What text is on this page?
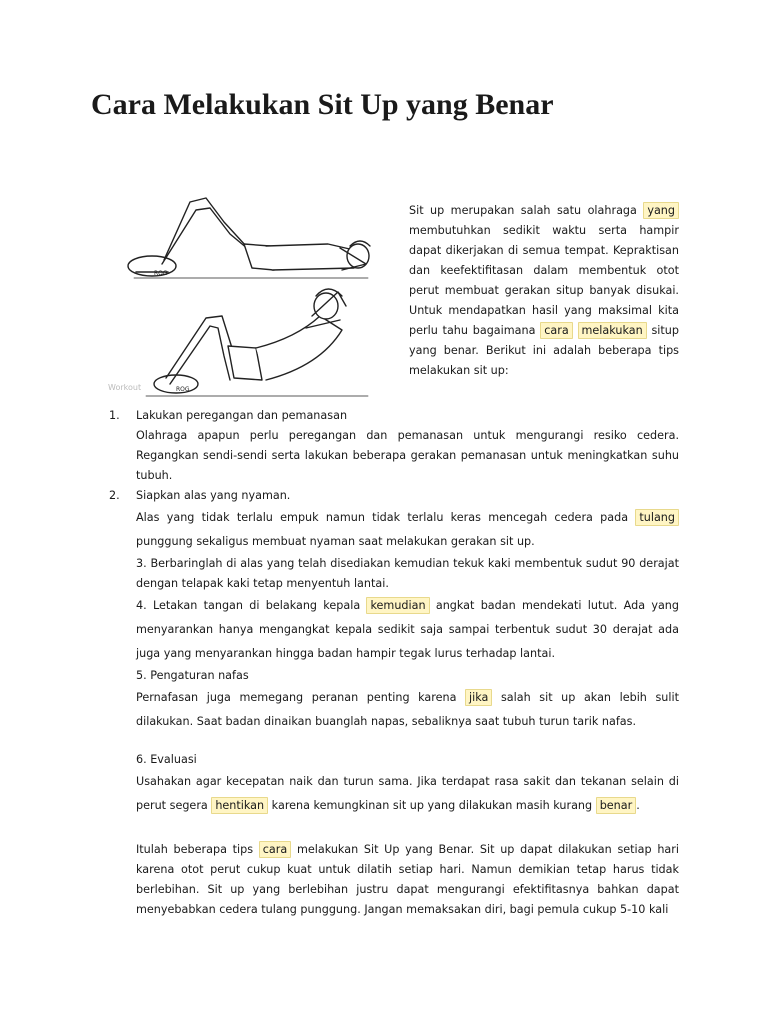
Cara Melakukan Sit Up yang Benar
ROG
ROG
Workout
Sit up merupakan salah satu olahraga yang membutuhkan sedikit waktu serta hampir dapat dikerjakan di semua tempat. Kepraktisan dan keefektifitasan dalam membentuk otot perut membuat gerakan situp banyak disukai. Untuk mendapatkan hasil yang maksimal kita perlu tahu bagaimana cara melakukan situp yang benar. Berikut ini adalah beberapa tips melakukan sit up:
1.	Lakukan peregangan dan pemanasan

Olahraga apapun perlu peregangan dan pemanasan untuk mengurangi resiko cedera. Regangkan sendi-sendi serta lakukan beberapa gerakan pemanasan untuk meningkatkan suhu tubuh.

2.	Siapkan alas yang nyaman.

Alas yang tidak terlalu empuk namun tidak terlalu keras mencegah cedera pada tulang punggung sekaligus membuat nyaman saat melakukan gerakan sit up.

3. Berbaringlah di alas yang telah disediakan kemudian tekuk kaki membentuk sudut 90 derajat dengan telapak kaki tetap menyentuh lantai.

4. Letakan tangan di belakang kepala kemudian angkat badan mendekati lutut. Ada yang menyarankan hanya mengangkat kepala sedikit saja sampai terbentuk sudut 30 derajat ada juga yang menyarankan hingga badan hampir tegak lurus terhadap lantai.

5. Pengaturan nafas

Pernafasan juga memegang peranan penting karena jika salah sit up akan lebih sulit dilakukan. Saat badan dinaikan buanglah napas, sebaliknya saat tubuh turun tarik nafas.

6. Evaluasi

Usahakan agar kecepatan naik dan turun sama. Jika terdapat rasa sakit dan tekanan selain di perut segera hentikan karena kemungkinan sit up yang dilakukan masih kurang benar .

Itulah beberapa tips cara melakukan Sit Up yang Benar. Sit up dapat dilakukan setiap hari karena otot perut cukup kuat untuk dilatih setiap hari. Namun demikian tetap harus tidak berlebihan. Sit up yang berlebihan justru dapat mengurangi efektifitasnya bahkan dapat menyebabkan cedera tulang punggung. Jangan memaksakan diri, bagi pemula cukup 5-10 kali
